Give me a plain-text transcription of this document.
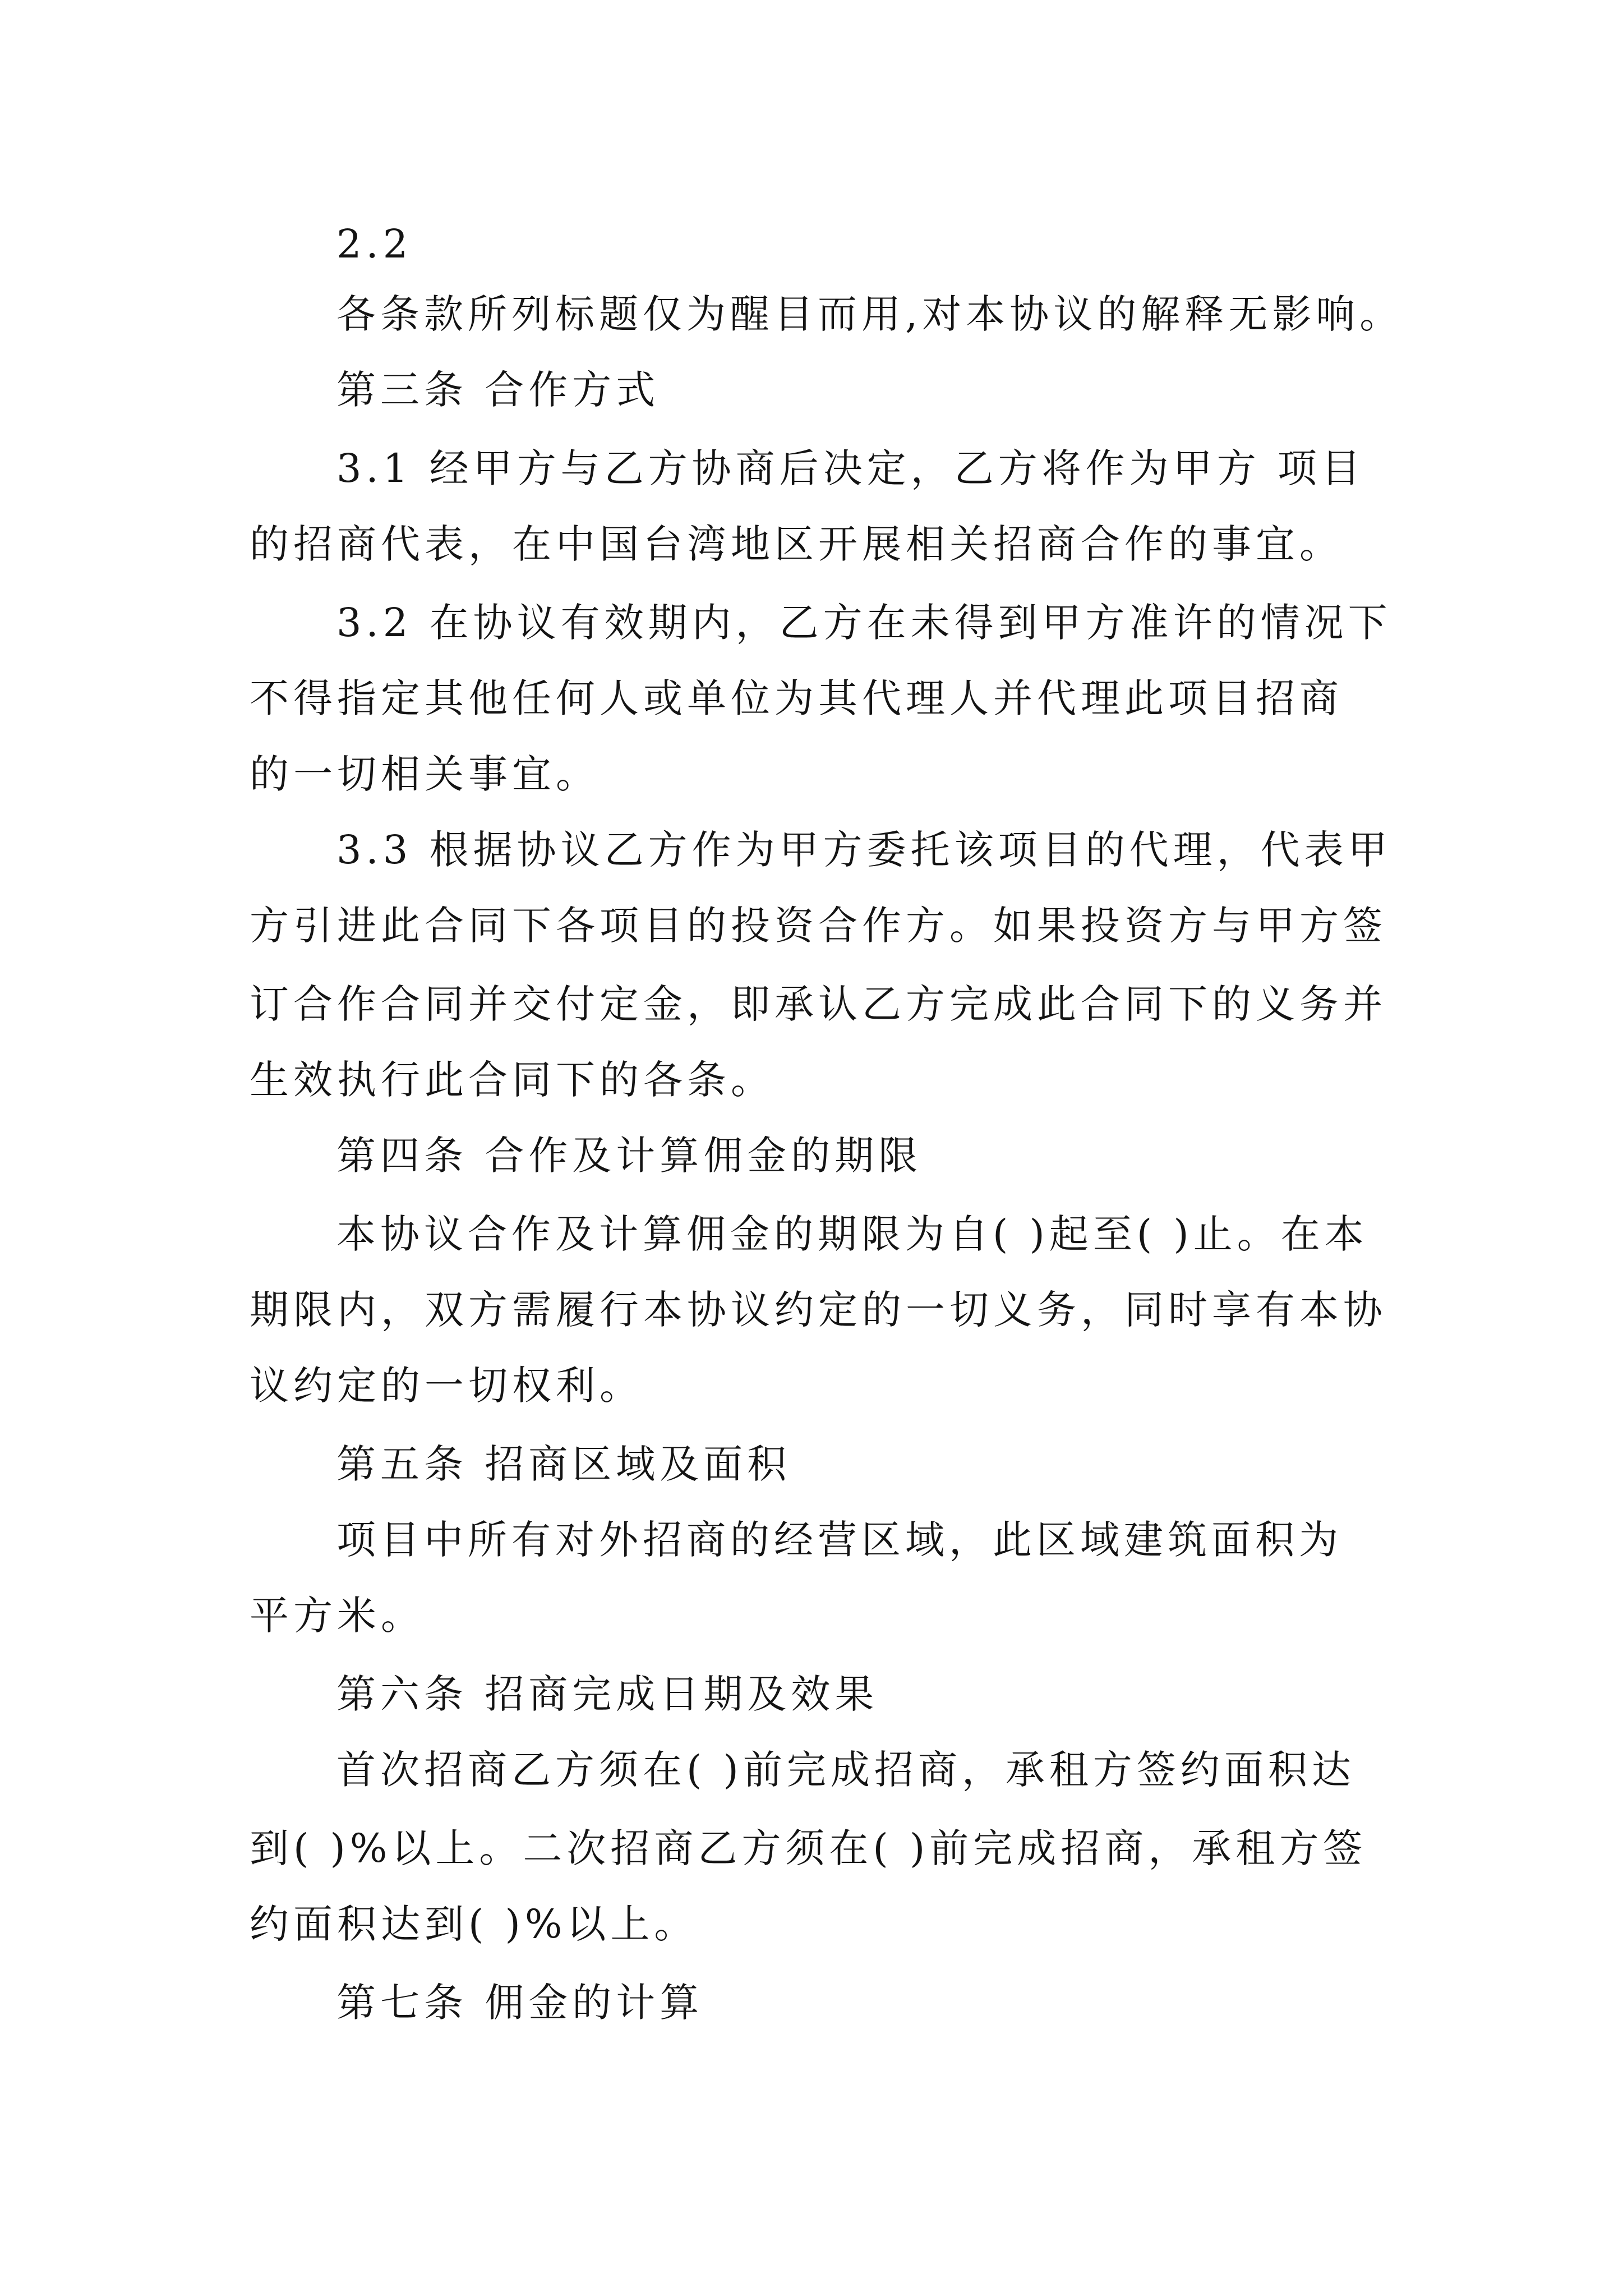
2.2
各条款所列标题仅为醒目而用,对本协议的解释无影响。
第三条 合作方式
3.1 经甲方与乙方协商后决定，乙方将作为甲方 项目
的招商代表，在中国台湾地区开展相关招商合作的事宜。
3.2 在协议有效期内，乙方在未得到甲方准许的情况下
不得指定其他任何人或单位为其代理人并代理此项目招商
的一切相关事宜。
3.3 根据协议乙方作为甲方委托该项目的代理，代表甲
方引进此合同下各项目的投资合作方。如果投资方与甲方签
订合作合同并交付定金，即承认乙方完成此合同下的义务并
生效执行此合同下的各条。
第四条 合作及计算佣金的期限
本协议合作及计算佣金的期限为自( )起至( )止。在本
期限内，双方需履行本协议约定的一切义务，同时享有本协
议约定的一切权利。
第五条 招商区域及面积
项目中所有对外招商的经营区域，此区域建筑面积为
平方米。
第六条 招商完成日期及效果
首次招商乙方须在( )前完成招商，承租方签约面积达
到( )%以上。二次招商乙方须在( )前完成招商，承租方签
约面积达到( )%以上。
第七条 佣金的计算
